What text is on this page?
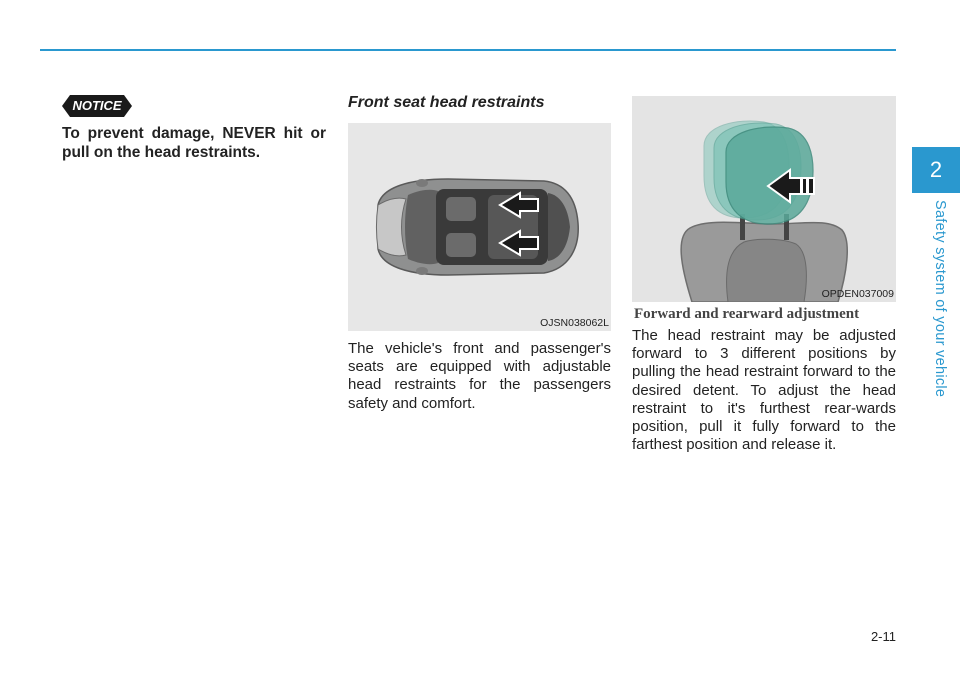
2
Safety system of your vehicle
NOTICE

To prevent damage, NEVER hit or pull on the head restraints.

Front seat head restraints
OJSN038062L

The vehicle's front and passenger's seats are equipped with adjustable head restraints for the passengers safety and comfort.

OPDEN037009
Forward and rearward adjustment

The head restraint may be adjusted forward to 3 different positions by pulling the head restraint forward to the desired detent. To adjust the head restraint to it's furthest rear-wards position, pull it fully forward to the farthest position and release it.

2-11
